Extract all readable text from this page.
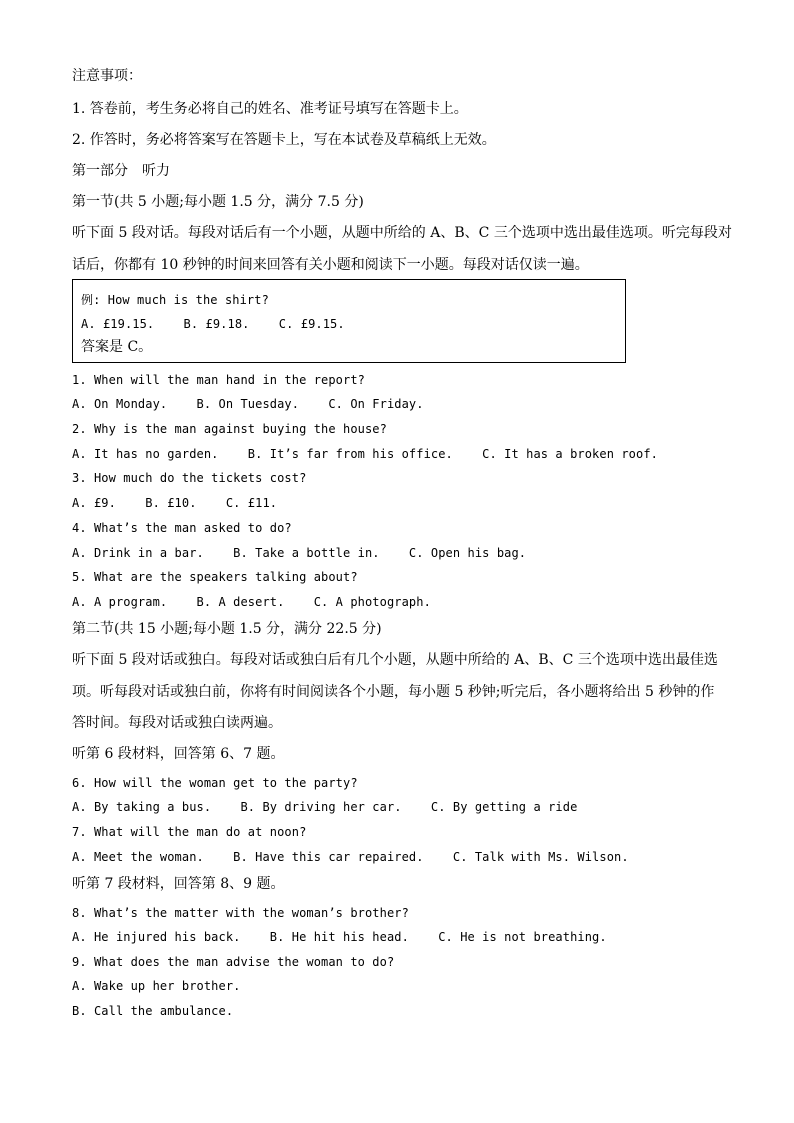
注意事项：
1. 答卷前，考生务必将自己的姓名、准考证号填写在答题卡上。
2. 作答时，务必将答案写在答题卡上，写在本试卷及草稿纸上无效。
第一部分　听力
第一节(共 5 小题;每小题 1.5 分，满分 7.5 分)
听下面 5 段对话。每段对话后有一个小题，从题中所给的 A、B、C 三个选项中选出最佳选项。听完每段对
话后，你都有 10 秒钟的时间来回答有关小题和阅读下一小题。每段对话仅读一遍。
例: How much is the shirt?
A. £19.15.    B. £9.18.    C. £9.15.
答案是 C。
1. When will the man hand in the report?
A. On Monday.    B. On Tuesday.    C. On Friday.
2. Why is the man against buying the house?
A. It has no garden.    B. It’s far from his office.    C. It has a broken roof.
3. How much do the tickets cost?
A. £9.    B. £10.    C. £11.
4. What’s the man asked to do?
A. Drink in a bar.    B. Take a bottle in.    C. Open his bag.
5. What are the speakers talking about?
A. A program.    B. A desert.    C. A photograph.
第二节(共 15 小题;每小题 1.5 分，满分 22.5 分)
听下面 5 段对话或独白。每段对话或独白后有几个小题，从题中所给的 A、B、C 三个选项中选出最佳选
项。听每段对话或独白前，你将有时间阅读各个小题，每小题 5 秒钟;听完后，各小题将给出 5 秒钟的作
答时间。每段对话或独白读两遍。
听第 6 段材料，回答第 6、7 题。
6. How will the woman get to the party?
A. By taking a bus.    B. By driving her car.    C. By getting a ride
7. What will the man do at noon?
A. Meet the woman.    B. Have this car repaired.    C. Talk with Ms. Wilson.
听第 7 段材料，回答第 8、9 题。
8. What’s the matter with the woman’s brother?
A. He injured his back.    B. He hit his head.    C. He is not breathing.
9. What does the man advise the woman to do?
A. Wake up her brother.
B. Call the ambulance.
